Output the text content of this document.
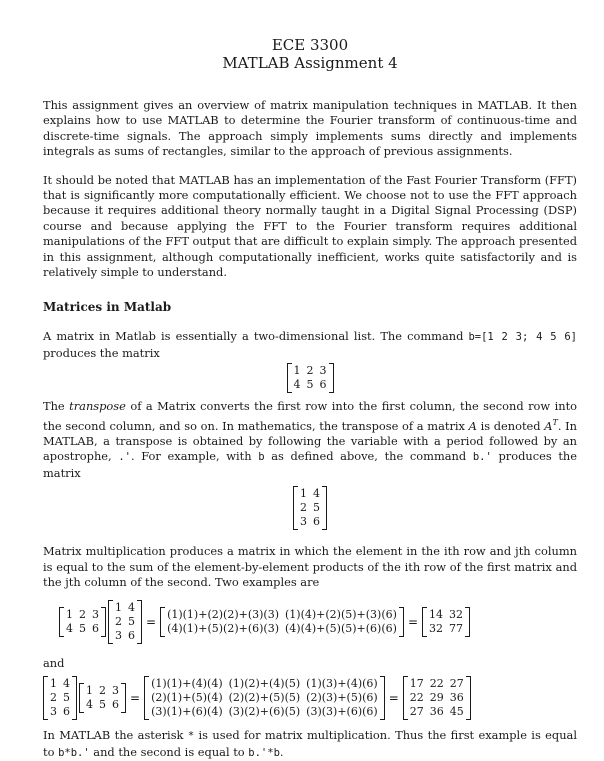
ECE 3300
MATLAB Assignment 4

This assignment gives an overview of matrix manipulation techniques in MATLAB. It then explains how to use MATLAB to determine the Fourier transform of continuous-time and discrete-time signals. The approach simply implements sums directly and implements integrals as sums of rectangles, similar to the approach of previous assignments.

It should be noted that MATLAB has an implementation of the Fast Fourier Transform (FFT) that is significantly more computationally efficient. We choose not to use the FFT approach because it requires additional theory normally taught in a Digital Signal Processing (DSP) course and because applying the FFT to the Fourier transform requires additional manipulations of the FFT output that are difficult to explain simply. The approach presented in this assignment, although computationally inefficient, works quite satisfactorily and is relatively simple to understand.

Matrices in Matlab

A matrix in Matlab is essentially a two-dimensional list. The command b=[1 2 3; 4 5 6] produces the matrix

1 2 3
4 5 6

The transpose of a Matrix converts the first row into the first column, the second row into the second column, and so on. In mathematics, the transpose of a matrix A is denoted $A^T$. In MATLAB, a transpose is obtained by following the variable with a period followed by an apostrophe, .'. For example, with b as defined above, the command b.' produces the matrix

1 4
2 5
3 6

Matrix multiplication produces a matrix in which the element in the ith row and jth column is equal to the sum of the element-by-element products of the ith row of the first matrix and the jth column of the second. Two examples are

1 2 3
4 5 6
1 4
2 5
3 6
=
(1)(1)+(2)(2)+(3)(3) (1)(4)+(2)(5)+(3)(6)
(4)(1)+(5)(2)+(6)(3) (4)(4)+(5)(5)+(6)(6) =
14 32
32 77
and
1 4
2 5
3 6
1 2 3
4 5 6 =
(1)(1)+(4)(4) (1)(2)+(4)(5) (1)(3)+(4)(6)
(2)(1)+(5)(4) (2)(2)+(5)(5) (2)(3)+(5)(6)
(3)(1)+(6)(4) (3)(2)+(6)(5) (3)(3)+(6)(6)
=
17 22 27
22 29 36
27 36 45

In MATLAB the asterisk * is used for matrix multiplication. Thus the first example is equal to b*b.' and the second is equal to b.'*b.
